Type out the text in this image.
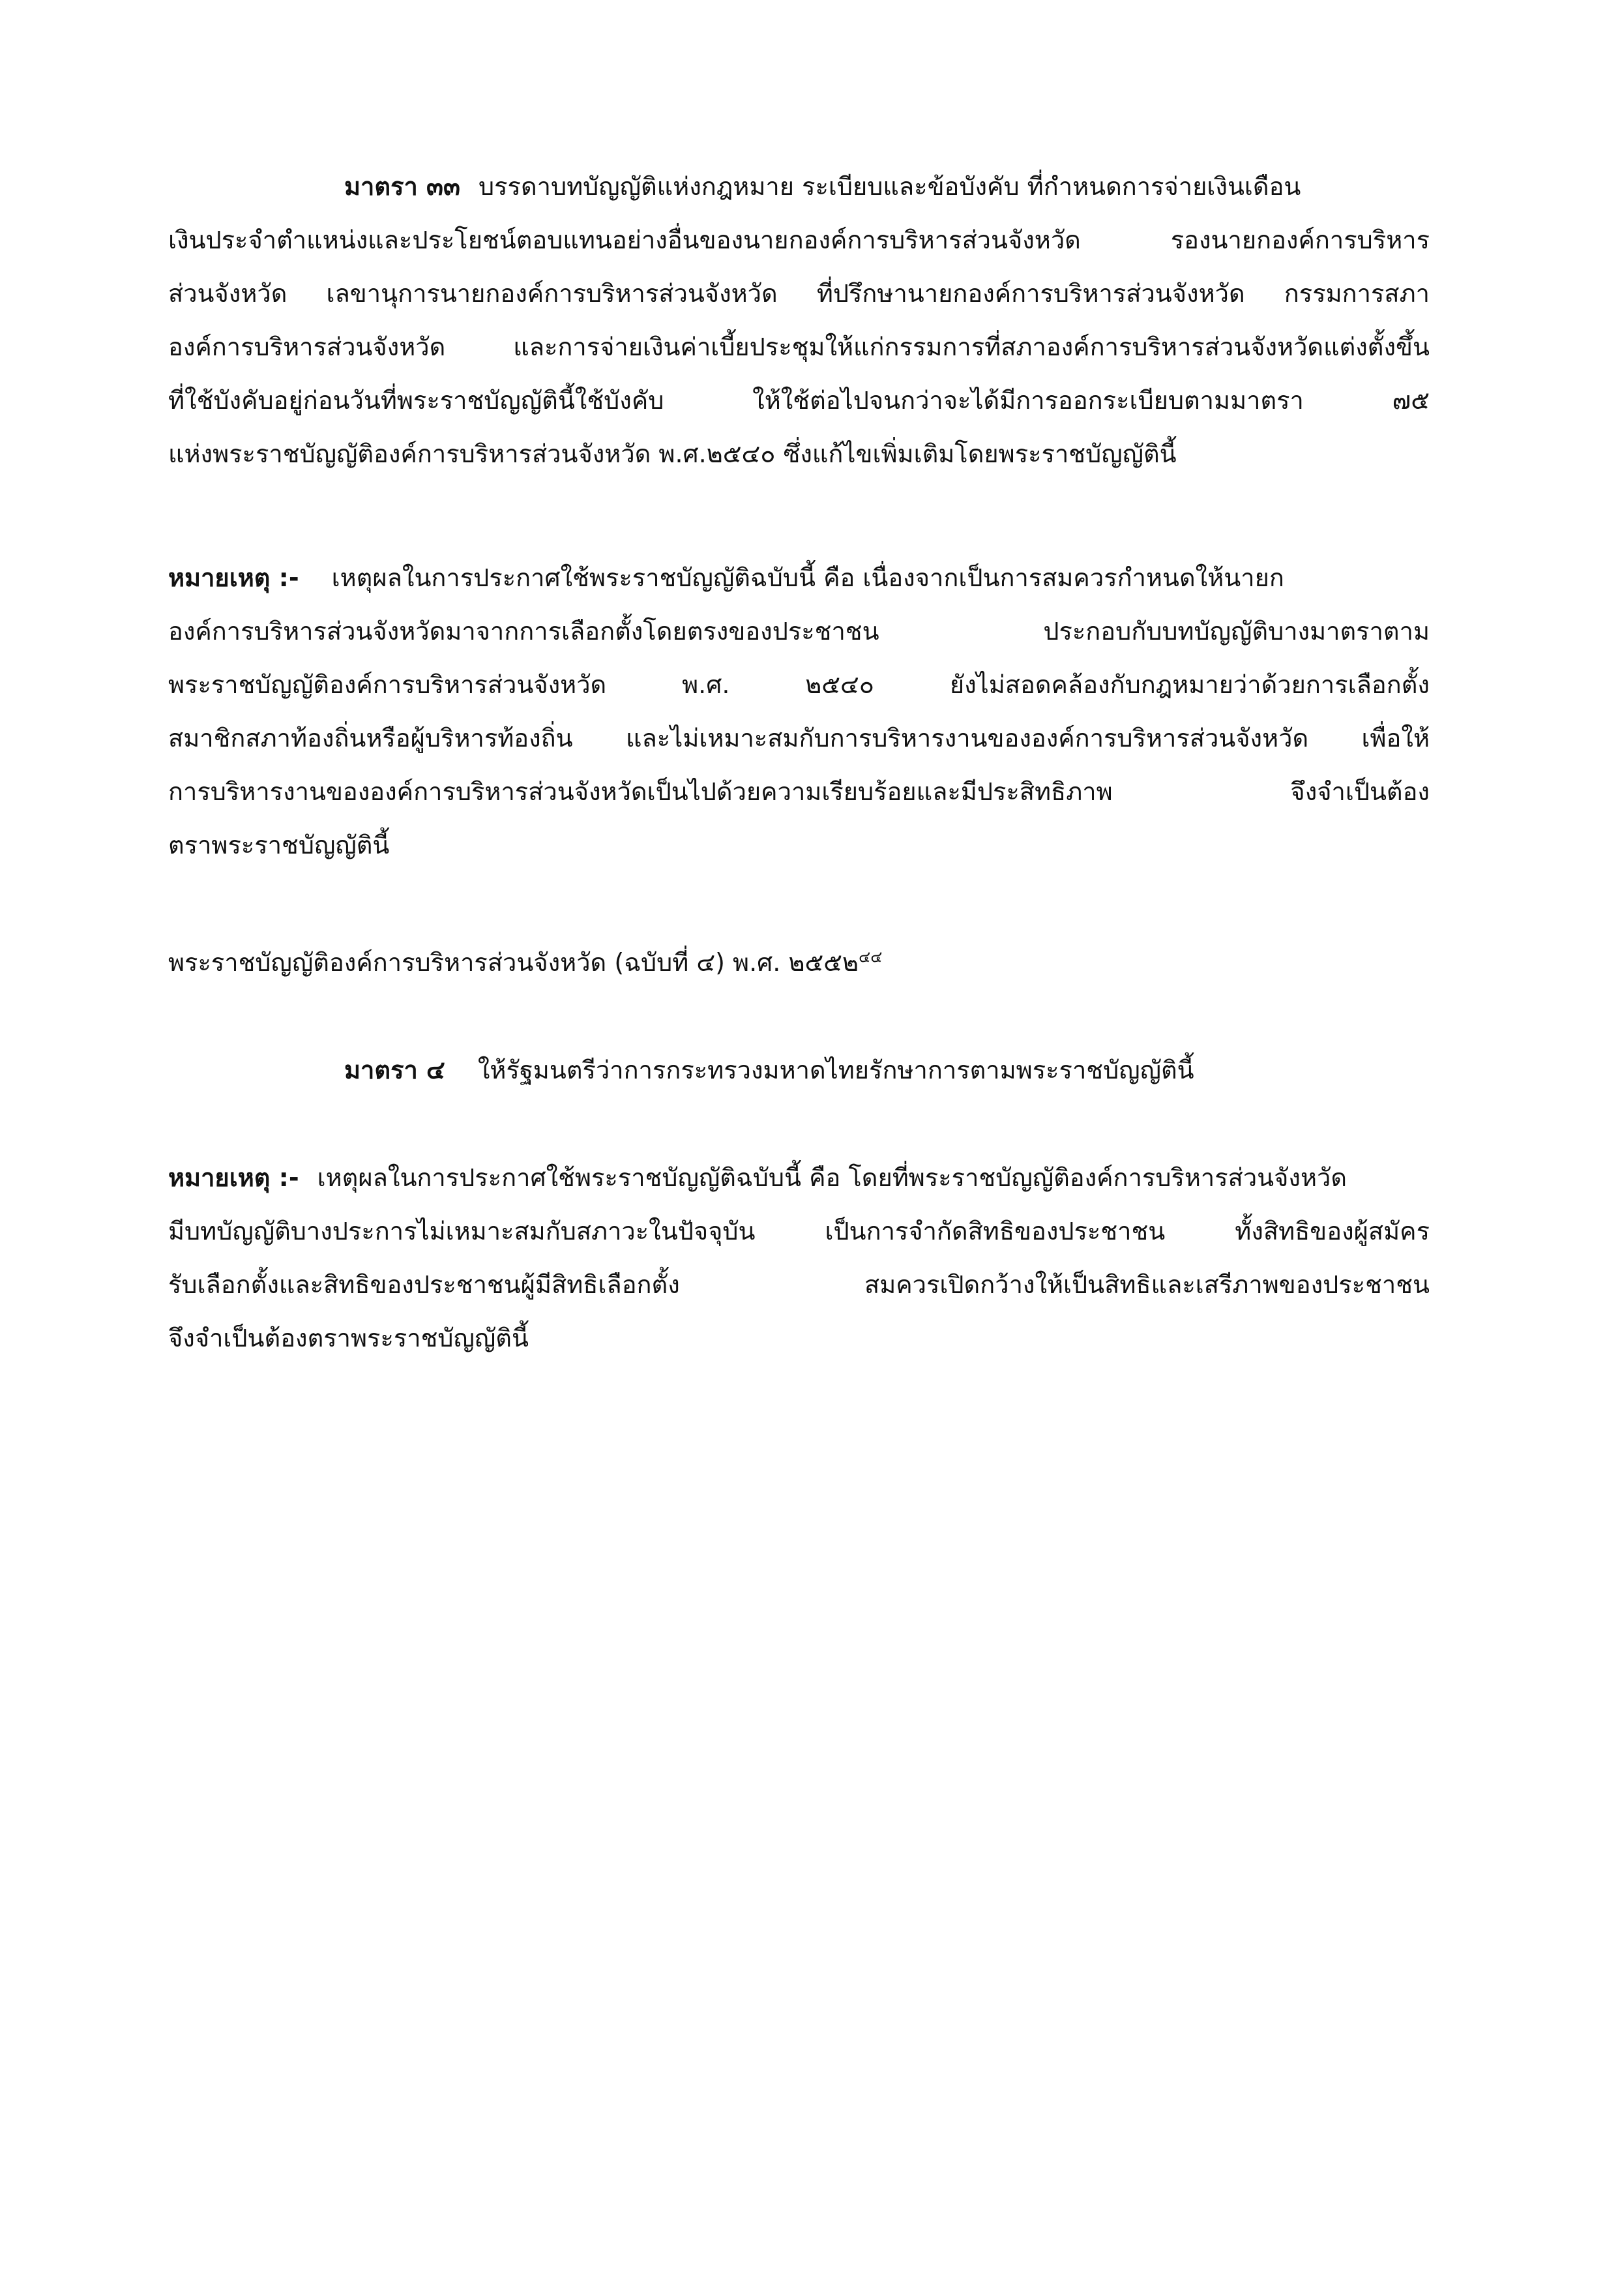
มาตรา ๓๓ บรรดาบทบัญญัติแห่งกฎหมาย ระเบียบและข้อบังคับ ที่กำหนดการจ่ายเงินเดือน
เงินประจำตำแหน่งและประโยชน์ตอบแทนอย่างอื่นของนายกองค์การบริหารส่วนจังหวัด รองนายกองค์การบริหาร
ส่วนจังหวัด เลขานุการนายกองค์การบริหารส่วนจังหวัด ที่ปรึกษานายกองค์การบริหารส่วนจังหวัด กรรมการสภา
องค์การบริหารส่วนจังหวัด และการจ่ายเงินค่าเบี้ยประชุมให้แก่กรรมการที่สภาองค์การบริหารส่วนจังหวัดแต่งตั้งขึ้น
ที่ใช้บังคับอยู่ก่อนวันที่พระราชบัญญัตินี้ใช้บังคับ ให้ใช้ต่อไปจนกว่าจะได้มีการออกระเบียบตามมาตรา ๗๕
แห่งพระราชบัญญัติองค์การบริหารส่วนจังหวัด พ.ศ.๒๕๔๐ ซึ่งแก้ไขเพิ่มเติมโดยพระราชบัญญัตินี้
หมายเหตุ :- เหตุผลในการประกาศใช้พระราชบัญญัติฉบับนี้ คือ เนื่องจากเป็นการสมควรกำหนดให้นายก
องค์การบริหารส่วนจังหวัดมาจากการเลือกตั้งโดยตรงของประชาชน ประกอบกับบทบัญญัติบางมาตราตาม
พระราชบัญญัติองค์การบริหารส่วนจังหวัด พ.ศ. ๒๕๔๐ ยังไม่สอดคล้องกับกฎหมายว่าด้วยการเลือกตั้ง
สมาชิกสภาท้องถิ่นหรือผู้บริหารท้องถิ่น และไม่เหมาะสมกับการบริหารงานขององค์การบริหารส่วนจังหวัด เพื่อให้
การบริหารงานขององค์การบริหารส่วนจังหวัดเป็นไปด้วยความเรียบร้อยและมีประสิทธิภาพ จึงจำเป็นต้อง
ตราพระราชบัญญัตินี้
พระราชบัญญัติองค์การบริหารส่วนจังหวัด (ฉบับที่ ๔) พ.ศ. ๒๕๕๒$^{๔๔}$
มาตรา ๔ ให้รัฐมนตรีว่าการกระทรวงมหาดไทยรักษาการตามพระราชบัญญัตินี้
หมายเหตุ :- เหตุผลในการประกาศใช้พระราชบัญญัติฉบับนี้ คือ โดยที่พระราชบัญญัติองค์การบริหารส่วนจังหวัด
มีบทบัญญัติบางประการไม่เหมาะสมกับสภาวะในปัจจุบัน เป็นการจำกัดสิทธิของประชาชน ทั้งสิทธิของผู้สมัคร
รับเลือกตั้งและสิทธิของประชาชนผู้มีสิทธิเลือกตั้ง สมควรเปิดกว้างให้เป็นสิทธิและเสรีภาพของประชาชน
จึงจำเป็นต้องตราพระราชบัญญัตินี้
